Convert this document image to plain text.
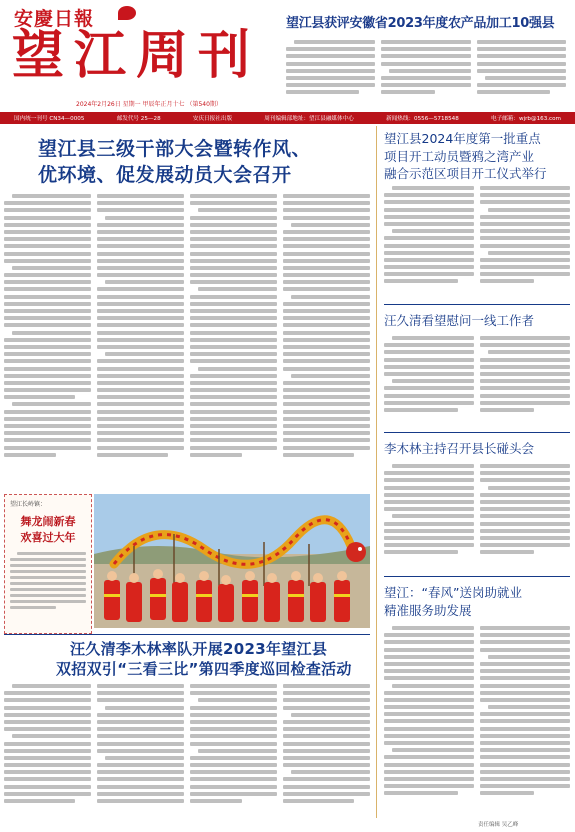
安慶日報
望江周刊
2024年2月26日 星期一 甲辰年正月十七 （第540期）
望江县获评安徽省2023年度农产品加工10强县
国内统一刊号 CN34—0005	邮发代号 25—28	安庆日报社出版	周刊编辑部地址：望江县融媒体中心	新闻热线：0556—5718548	电子邮箱：wjrb@163.com
望江县三级干部大会暨转作风、
优环境、促发展动员大会召开
望江长岭镇：
舞龙闹新春
欢喜过大年
望江县2024年度第一批重点
项目开工动员暨鸦之湾产业
融合示范区项目开工仪式举行
汪久清看望慰问一线工作者
李木林主持召开县长碰头会
望江：“春风”送岗助就业
精准服务助发展
汪久清李木林率队开展2023年望江县
双招双引“三看三比”第四季度巡回检查活动
责任编辑 吴乙峰
